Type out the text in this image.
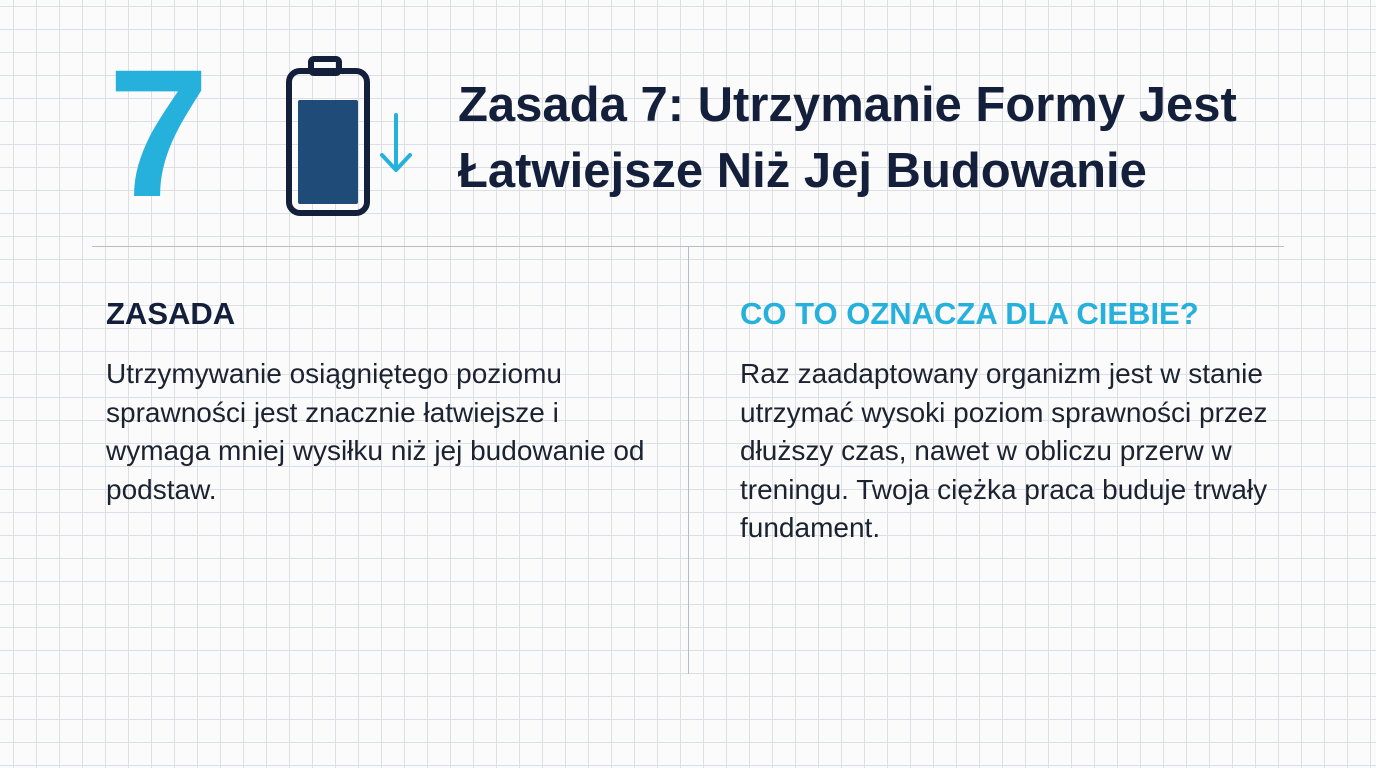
7	Zasada 7: Utrzymanie Formy Jest Łatwiejsze Niż Jej Budowanie
ZASADA

Utrzymywanie osiągniętego poziomu sprawności jest znacznie łatwiejsze i wymaga mniej wysiłku niż jej budowanie od podstaw.

CO TO OZNACZA DLA CIEBIE?

Raz zaadaptowany organizm jest w stanie utrzymać wysoki poziom sprawności przez dłuższy czas, nawet w obliczu przerw w treningu. Twoja ciężka praca buduje trwały fundament.
